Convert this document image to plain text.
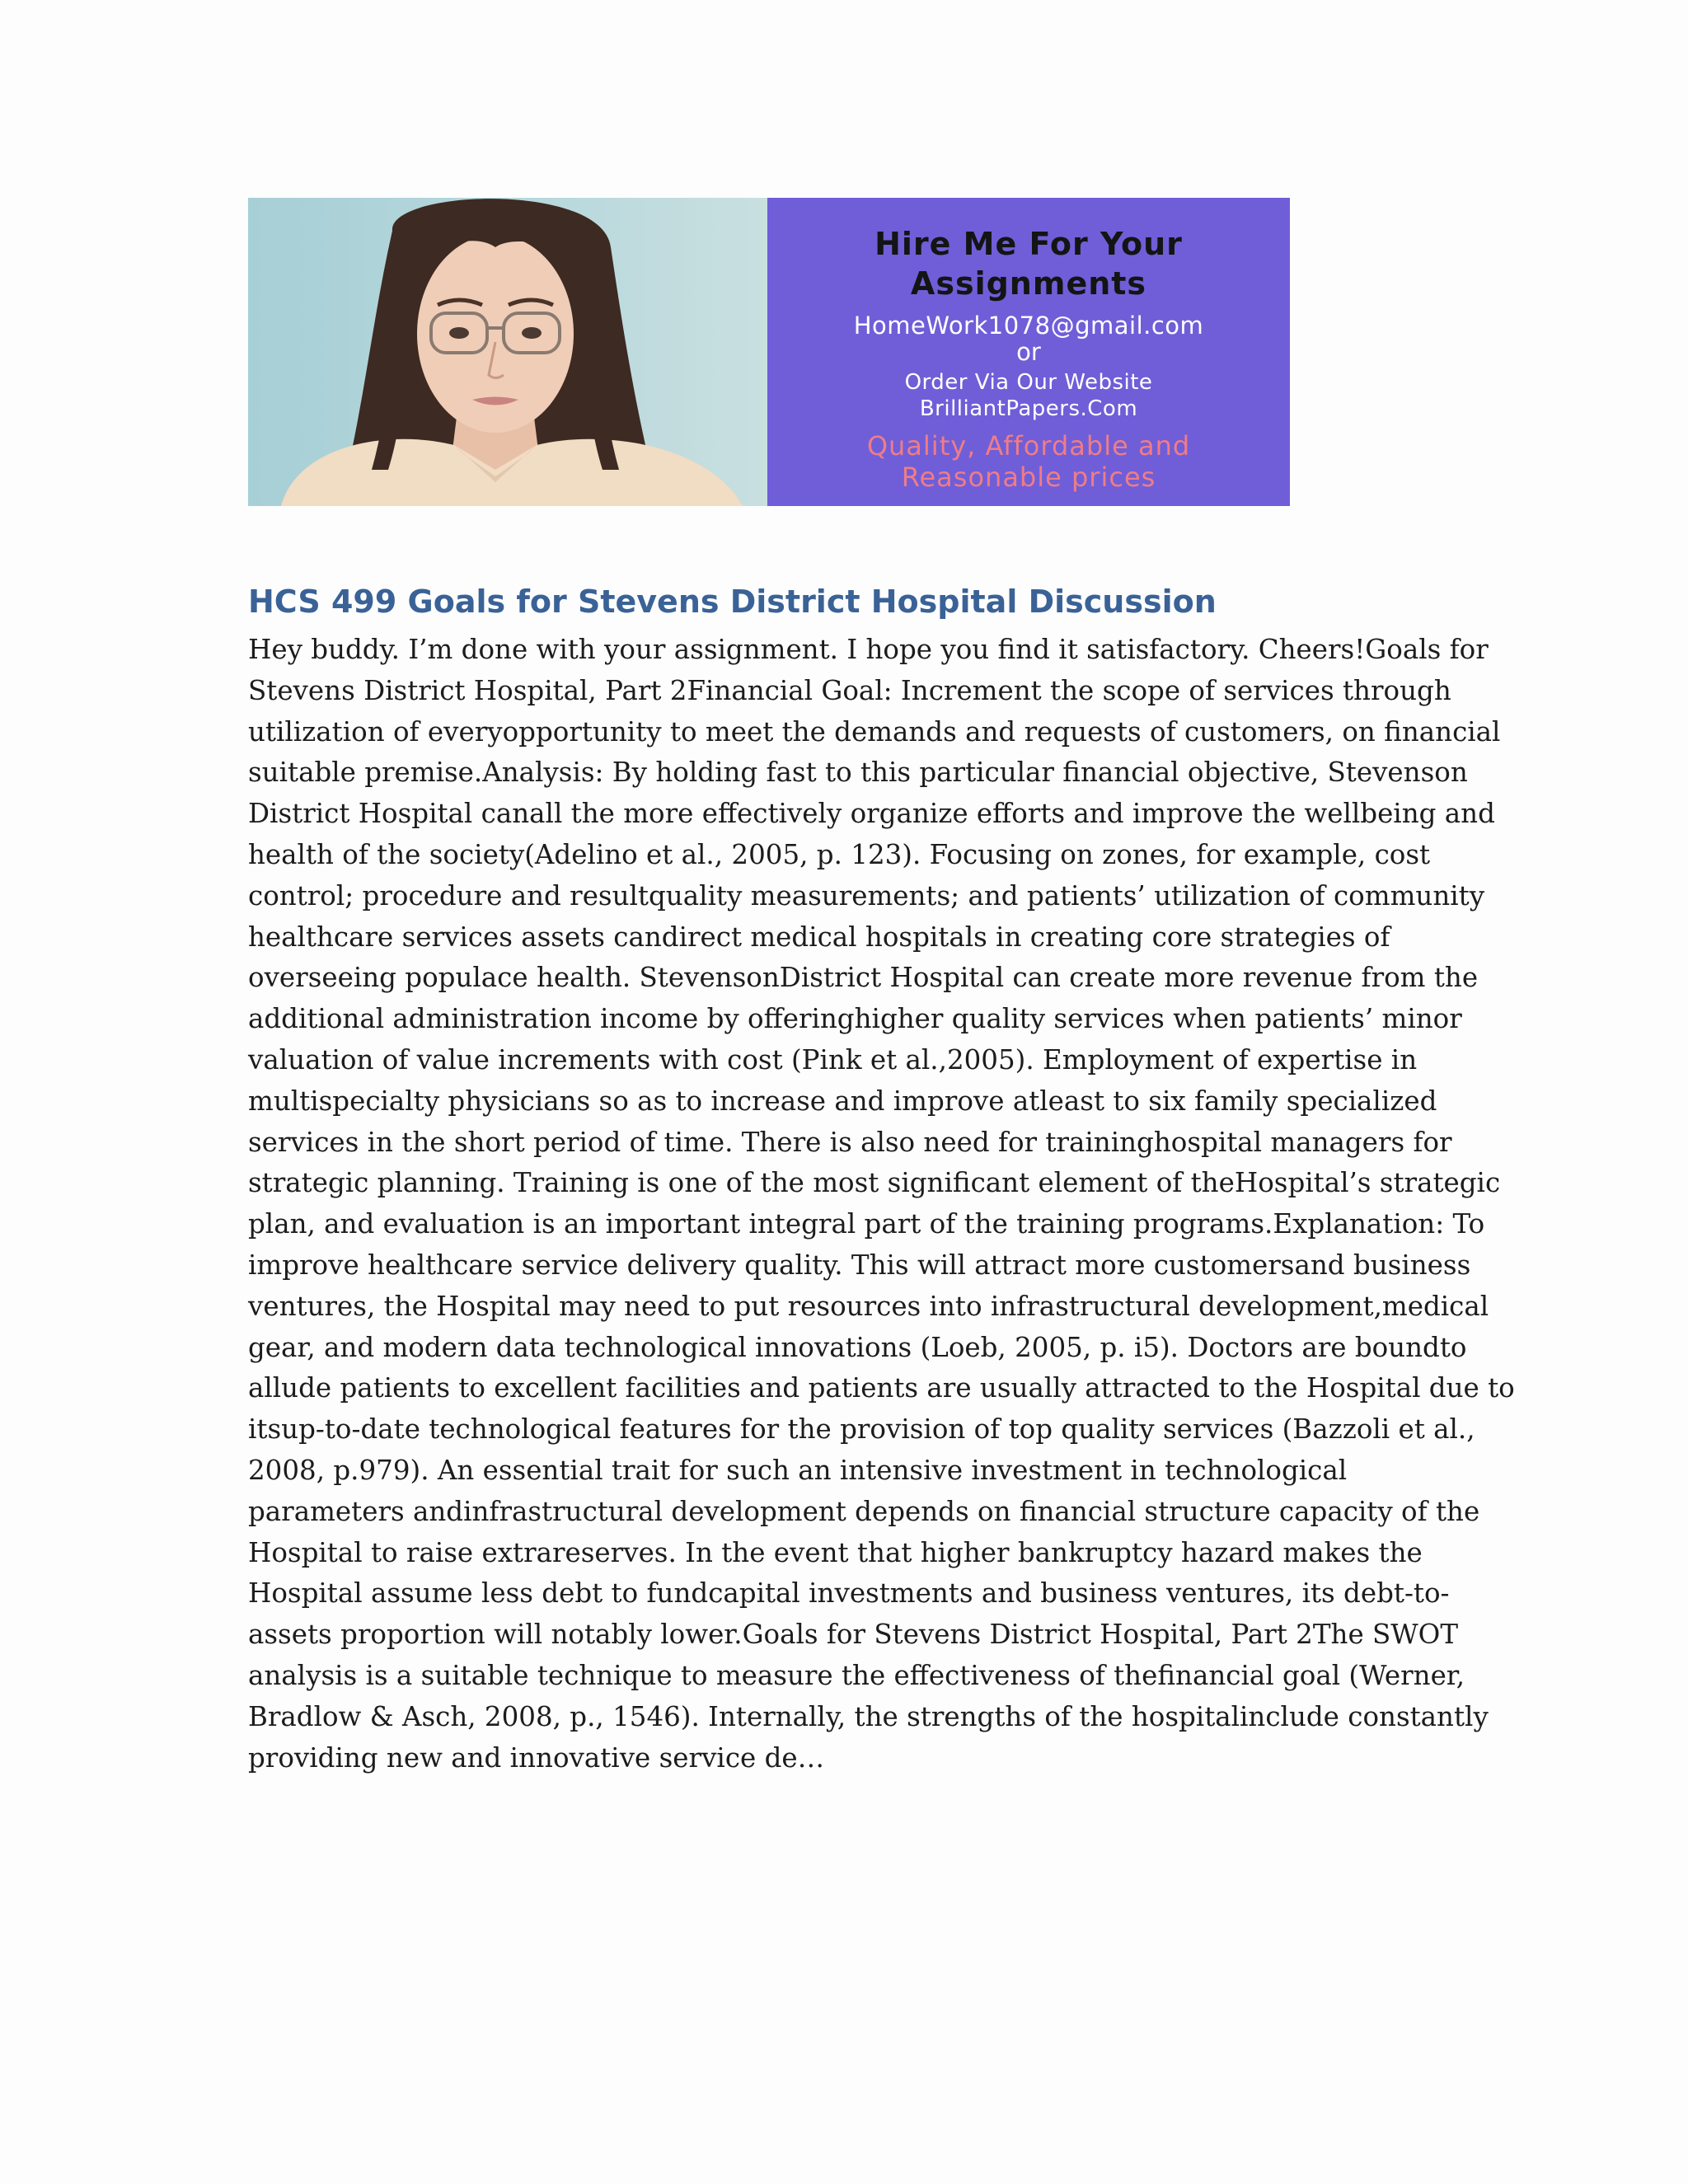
Hire Me For Your
Assignments
HomeWork1078@gmail.com
or
Order Via Our Website
BrilliantPapers.Com
Quality, Affordable and
Reasonable prices
HCS 499 Goals for Stevens District Hospital Discussion

Hey buddy. I’m done with your assignment. I hope you find it satisfactory. Cheers!Goals for
Stevens District Hospital, Part 2Financial Goal: Increment the scope of services through
utilization of everyopportunity to meet the demands and requests of customers, on financial
suitable premise.Analysis: By holding fast to this particular financial objective, Stevenson
District Hospital canall the more effectively organize efforts and improve the wellbeing and
health of the society(Adelino et al., 2005, p. 123). Focusing on zones, for example, cost
control; procedure and resultquality measurements; and patients’ utilization of community
healthcare services assets candirect medical hospitals in creating core strategies of
overseeing populace health. StevensonDistrict Hospital can create more revenue from the
additional administration income by offeringhigher quality services when patients’ minor
valuation of value increments with cost (Pink et al.,2005). Employment of expertise in
multispecialty physicians so as to increase and improve atleast to six family specialized
services in the short period of time. There is also need for traininghospital managers for
strategic planning. Training is one of the most significant element of theHospital’s strategic
plan, and evaluation is an important integral part of the training programs.Explanation: To
improve healthcare service delivery quality. This will attract more customersand business
ventures, the Hospital may need to put resources into infrastructural development,medical
gear, and modern data technological innovations (Loeb, 2005, p. i5). Doctors are boundto
allude patients to excellent facilities and patients are usually attracted to the Hospital due to
itsup-to-date technological features for the provision of top quality services (Bazzoli et al.,
2008, p.979). An essential trait for such an intensive investment in technological
parameters andinfrastructural development depends on financial structure capacity of the
Hospital to raise extrareserves. In the event that higher bankruptcy hazard makes the
Hospital assume less debt to fundcapital investments and business ventures, its debt-to-
assets proportion will notably lower.Goals for Stevens District Hospital, Part 2The SWOT
analysis is a suitable technique to measure the effectiveness of thefinancial goal (Werner,
Bradlow & Asch, 2008, p., 1546). Internally, the strengths of the hospitalinclude constantly
providing new and innovative service de…
